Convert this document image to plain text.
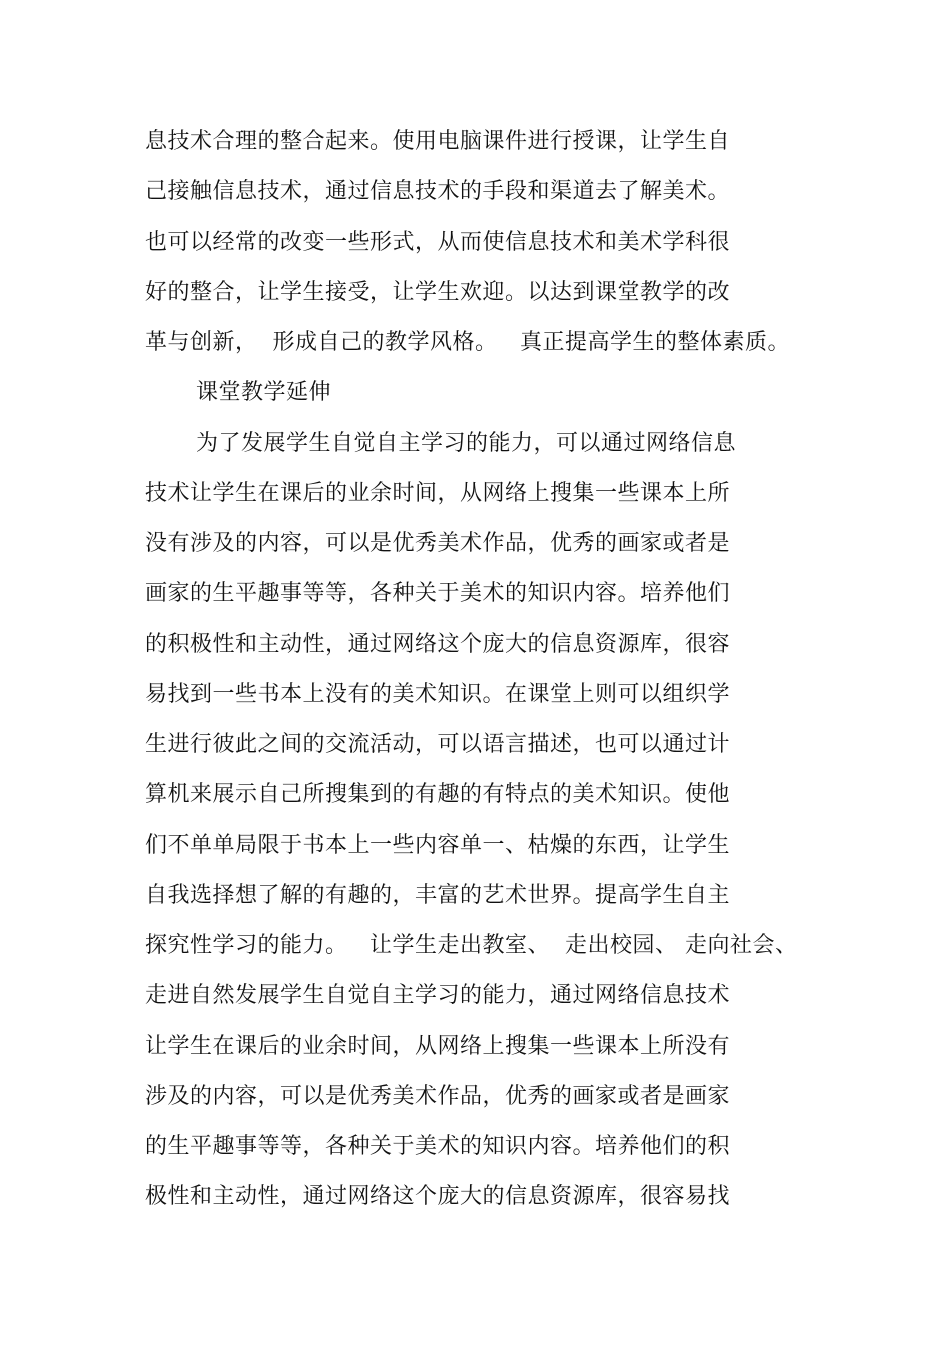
息技术合理的整合起来。使用电脑课件进行授课，让学生自
己接触信息技术，通过信息技术的手段和渠道去了解美术。
也可以经常的改变一些形式，从而使信息技术和美术学科很
好的整合，让学生接受，让学生欢迎。以达到课堂教学的改
革与创新，  形成自己的教学风格。   真正提高学生的整体素质。
课堂教学延伸
为了发展学生自觉自主学习的能力，可以通过网络信息
技术让学生在课后的业余时间，从网络上搜集一些课本上所
没有涉及的内容，可以是优秀美术作品，优秀的画家或者是
画家的生平趣事等等，各种关于美术的知识内容。培养他们
的积极性和主动性，通过网络这个庞大的信息资源库，很容
易找到一些书本上没有的美术知识。在课堂上则可以组织学
生进行彼此之间的交流活动，可以语言描述，也可以通过计
算机来展示自己所搜集到的有趣的有特点的美术知识。使他
们不单单局限于书本上一些内容单一、枯燥的东西，让学生
自我选择想了解的有趣的，丰富的艺术世界。提高学生自主
探究性学习的能力。   让学生走出教室、  走出校园、 走向社会、
走进自然发展学生自觉自主学习的能力，通过网络信息技术
让学生在课后的业余时间，从网络上搜集一些课本上所没有
涉及的内容，可以是优秀美术作品，优秀的画家或者是画家
的生平趣事等等，各种关于美术的知识内容。培养他们的积
极性和主动性，通过网络这个庞大的信息资源库，很容易找
